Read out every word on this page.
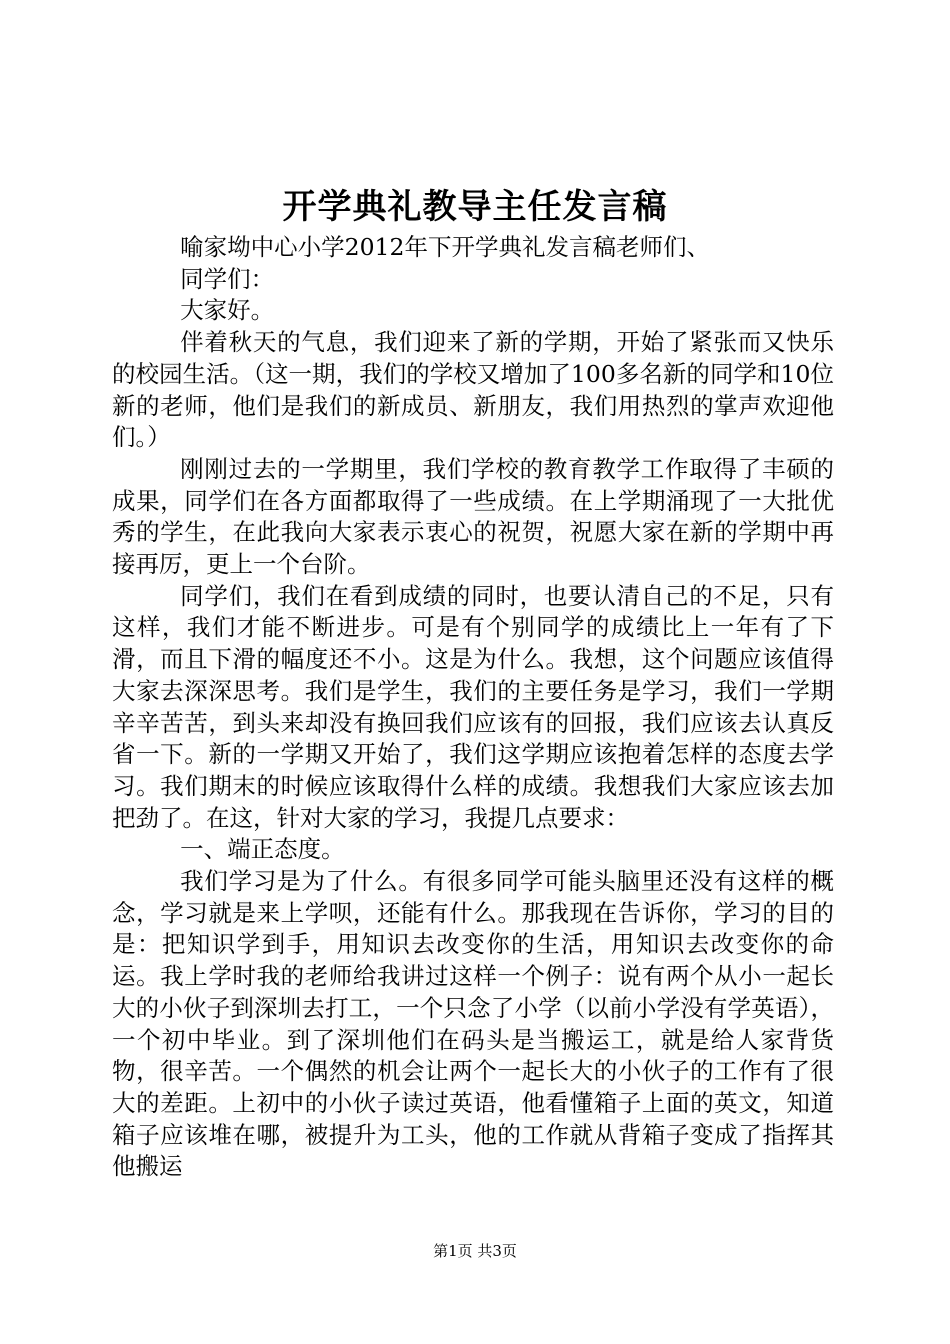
开学典礼教导主任发言稿

喻家坳中心小学2012年下开学典礼发言稿老师们、

同学们：

大家好。

伴着秋天的气息，我们迎来了新的学期，开始了紧张而又快乐的校园生活。（这一期，我们的学校又增加了100多名新的同学和10位新的老师，他们是我们的新成员、新朋友，我们用热烈的掌声欢迎他们。）

刚刚过去的一学期里，我们学校的教育教学工作取得了丰硕的成果，同学们在各方面都取得了一些成绩。在上学期涌现了一大批优秀的学生，在此我向大家表示衷心的祝贺，祝愿大家在新的学期中再接再厉，更上一个台阶。

同学们，我们在看到成绩的同时，也要认清自己的不足，只有这样，我们才能不断进步。可是有个别同学的成绩比上一年有了下滑，而且下滑的幅度还不小。这是为什么。我想，这个问题应该值得大家去深深思考。我们是学生，我们的主要任务是学习，我们一学期辛辛苦苦，到头来却没有换回我们应该有的回报，我们应该去认真反省一下。新的一学期又开始了，我们这学期应该抱着怎样的态度去学习。我们期末的时候应该取得什么样的成绩。我想我们大家应该去加把劲了。在这，针对大家的学习，我提几点要求：

一、端正态度。

我们学习是为了什么。有很多同学可能头脑里还没有这样的概念，学习就是来上学呗，还能有什么。那我现在告诉你，学习的目的是：把知识学到手，用知识去改变你的生活，用知识去改变你的命运。我上学时我的老师给我讲过这样一个例子：说有两个从小一起长大的小伙子到深圳去打工，一个只念了小学（以前小学没有学英语），一个初中毕业。到了深圳他们在码头是当搬运工，就是给人家背货物，很辛苦。一个偶然的机会让两个一起长大的小伙子的工作有了很大的差距。上初中的小伙子读过英语，他看懂箱子上面的英文，知道箱子应该堆在哪，被提升为工头，他的工作就从背箱子变成了指挥其他搬运

第1页 共3页
